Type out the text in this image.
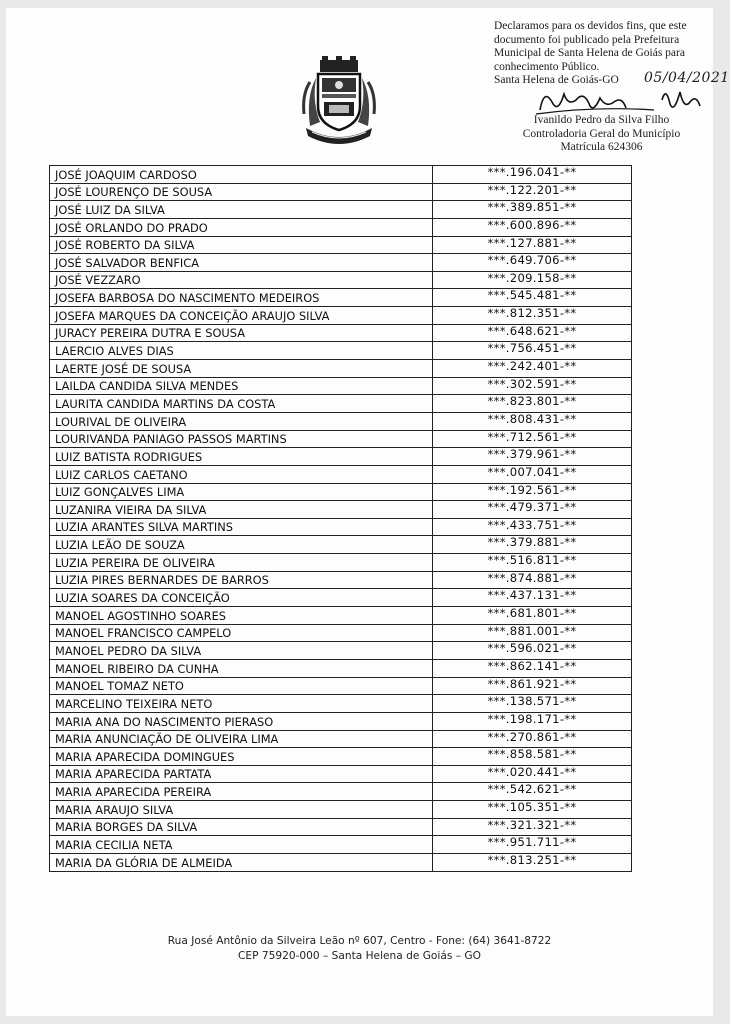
Declaramos para os devidos fins, que este
documento foi publicado pela Prefeitura
Municipal de Santa Helena de Goiás para
conhecimento Público.
Santa Helena de Goiás-GO	05/04/2021
Ivanildo Pedro da Silva Filho
Controladoria Geral do Município
Matrícula 624306
JOSÉ JOAQUIM CARDOSO	***.196.041-**
JOSÉ LOURENÇO DE SOUSA	***.122.201-**
JOSÉ LUIZ DA SILVA	***.389.851-**
JOSÉ ORLANDO DO PRADO	***.600.896-**
JOSÉ ROBERTO DA SILVA	***.127.881-**
JOSÉ SALVADOR BENFICA	***.649.706-**
JOSÉ VEZZARO	***.209.158-**
JOSEFA BARBOSA DO NASCIMENTO MEDEIROS	***.545.481-**
JOSEFA MARQUES DA CONCEIÇÃO ARAUJO SILVA	***.812.351-**
JURACY PEREIRA DUTRA E SOUSA	***.648.621-**
LAERCIO ALVES DIAS	***.756.451-**
LAERTE JOSÉ DE SOUSA	***.242.401-**
LAILDA CANDIDA SILVA MENDES	***.302.591-**
LAURITA CANDIDA MARTINS DA COSTA	***.823.801-**
LOURIVAL DE OLIVEIRA	***.808.431-**
LOURIVANDA PANIAGO PASSOS MARTINS	***.712.561-**
LUIZ BATISTA RODRIGUES	***.379.961-**
LUIZ CARLOS CAETANO	***.007.041-**
LUIZ GONÇALVES LIMA	***.192.561-**
LUZANIRA VIEIRA DA SILVA	***.479.371-**
LUZIA ARANTES SILVA MARTINS	***.433.751-**
LUZIA LEÃO DE SOUZA	***.379.881-**
LUZIA PEREIRA DE OLIVEIRA	***.516.811-**
LUZIA PIRES BERNARDES DE BARROS	***.874.881-**
LUZIA SOARES DA CONCEIÇÃO	***.437.131-**
MANOEL AGOSTINHO SOARES	***.681.801-**
MANOEL FRANCISCO CAMPELO	***.881.001-**
MANOEL PEDRO DA SILVA	***.596.021-**
MANOEL RIBEIRO DA CUNHA	***.862.141-**
MANOEL TOMAZ NETO	***.861.921-**
MARCELINO TEIXEIRA NETO	***.138.571-**
MARIA ANA DO NASCIMENTO PIERASO	***.198.171-**
MARIA ANUNCIAÇÃO DE OLIVEIRA LIMA	***.270.861-**
MARIA APARECIDA DOMINGUES	***.858.581-**
MARIA APARECIDA PARTATA	***.020.441-**
MARIA APARECIDA PEREIRA	***.542.621-**
MARIA ARAUJO SILVA	***.105.351-**
MARIA BORGES DA SILVA	***.321.321-**
MARIA CECILIA NETA	***.951.711-**
MARIA DA GLÓRIA DE ALMEIDA	***.813.251-**
Rua José Antônio da Silveira Leão nº 607, Centro - Fone: (64) 3641-8722
CEP 75920-000 – Santa Helena de Goiás – GO
